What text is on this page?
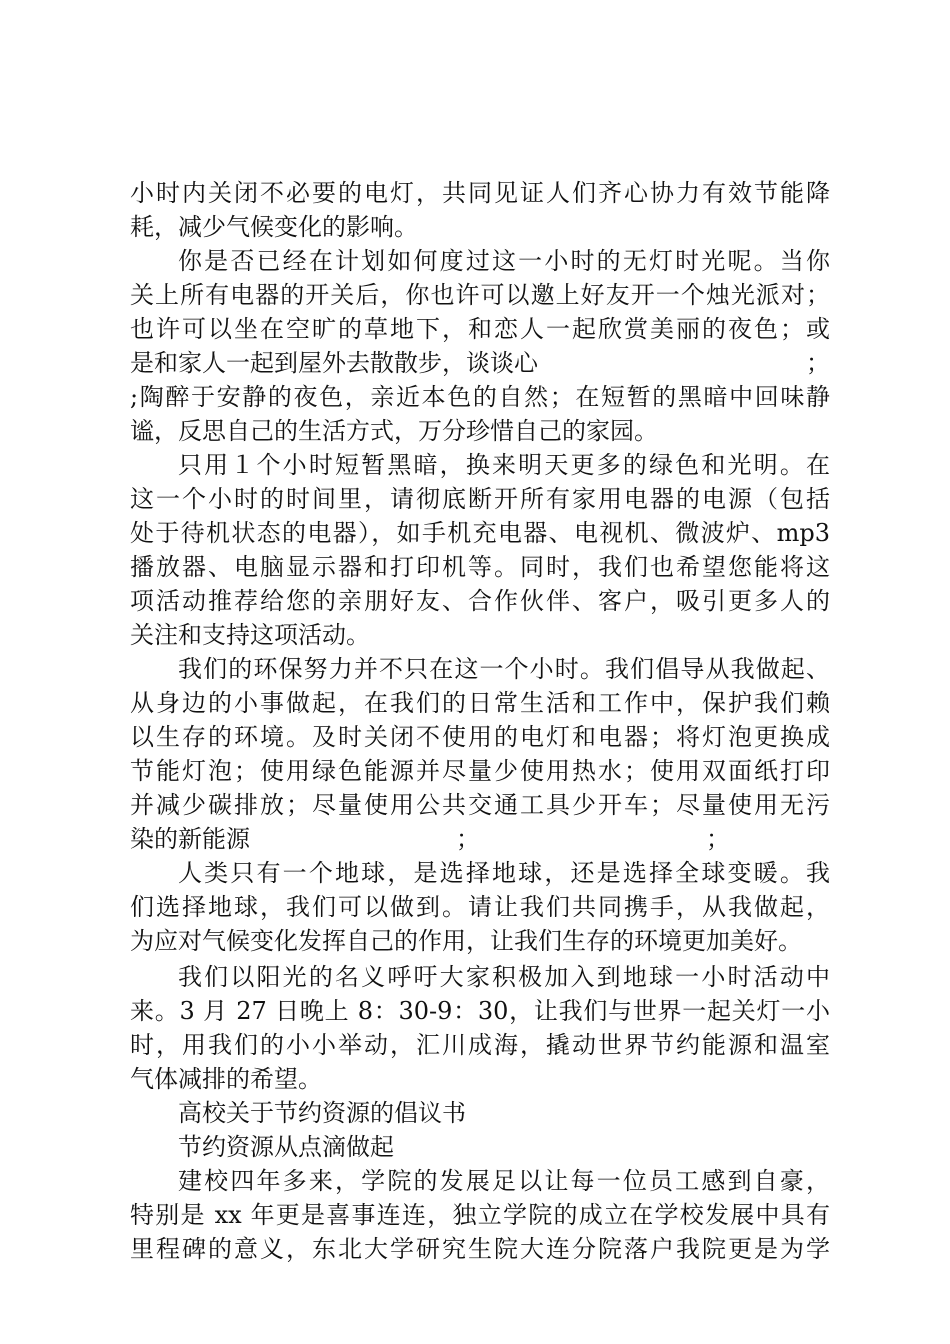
小时内关闭不必要的电灯，共同见证人们齐心协力有效节能降
耗，减少气候变化的影响。
你是否已经在计划如何度过这一小时的无灯时光呢。当你
关上所有电器的开关后，你也许可以邀上好友开一个烛光派对；
也许可以坐在空旷的草地下，和恋人一起欣赏美丽的夜色；或
是和家人一起到屋外去散散步，谈谈心	；
;陶醉于安静的夜色，亲近本色的自然；在短暂的黑暗中回味静
谧，反思自己的生活方式，万分珍惜自己的家园。
只用１个小时短暂黑暗，换来明天更多的绿色和光明。在
这一个小时的时间里，请彻底断开所有家用电器的电源（包括
处于待机状态的电器），如手机充电器、电视机、微波炉、mp3
播放器、电脑显示器和打印机等。同时，我们也希望您能将这
项活动推荐给您的亲朋好友、合作伙伴、客户，吸引更多人的
关注和支持这项活动。
我们的环保努力并不只在这一个小时。我们倡导从我做起、
从身边的小事做起，在我们的日常生活和工作中，保护我们赖
以生存的环境。及时关闭不使用的电灯和电器；将灯泡更换成
节能灯泡；使用绿色能源并尽量少使用热水；使用双面纸打印
并减少碳排放；尽量使用公共交通工具少开车；尽量使用无污
染的新能源	；	；
人类只有一个地球，是选择地球，还是选择全球变暖。我
们选择地球，我们可以做到。请让我们共同携手，从我做起，
为应对气候变化发挥自己的作用，让我们生存的环境更加美好。
我们以阳光的名义呼吁大家积极加入到地球一小时活动中
来。3 月 27 日晚上 8：30-9：30，让我们与世界一起关灯一小
时，用我们的小小举动，汇川成海，撬动世界节约能源和温室
气体减排的希望。
高校关于节约资源的倡议书
节约资源从点滴做起
建校四年多来，学院的发展足以让每一位员工感到自豪，
特别是 xx 年更是喜事连连，独立学院的成立在学校发展中具有
里程碑的意义，东北大学研究生院大连分院落户我院更是为学
